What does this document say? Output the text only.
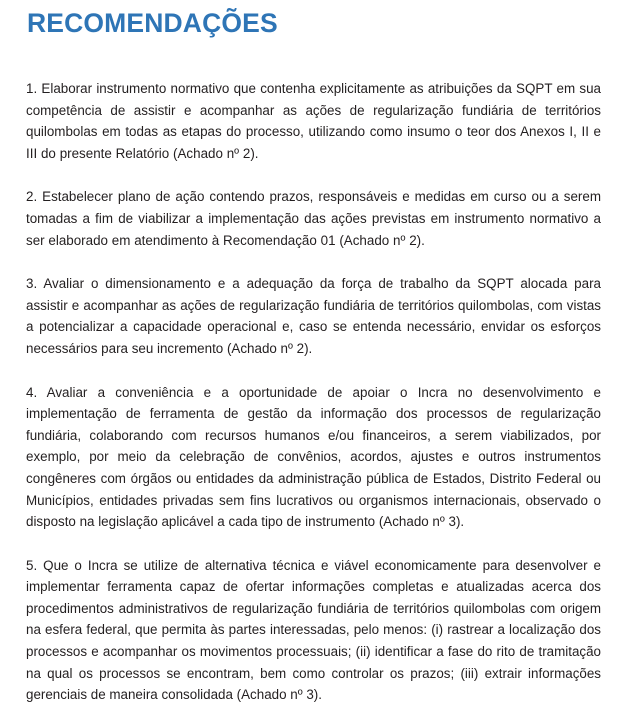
RECOMENDAÇÕES

1. Elaborar instrumento normativo que contenha explicitamente as atribuições da SQPT em sua competência de assistir e acompanhar as ações de regularização fundiária de territórios quilombolas em todas as etapas do processo, utilizando como insumo o teor dos Anexos I, II e III do presente Relatório (Achado nº 2).

2. Estabelecer plano de ação contendo prazos, responsáveis e medidas em curso ou a serem tomadas a fim de viabilizar a implementação das ações previstas em instrumento normativo a ser elaborado em atendimento à Recomendação 01 (Achado nº 2).

3. Avaliar o dimensionamento e a adequação da força de trabalho da SQPT alocada para assistir e acompanhar as ações de regularização fundiária de territórios quilombolas, com vistas a potencializar a capacidade operacional e, caso se entenda necessário, envidar os esforços necessários para seu incremento (Achado nº 2).

4. Avaliar a conveniência e a oportunidade de apoiar o Incra no desenvolvimento e implementação de ferramenta de gestão da informação dos processos de regularização fundiária, colaborando com recursos humanos e/ou financeiros, a serem viabilizados, por exemplo, por meio da celebração de convênios, acordos, ajustes e outros instrumentos congêneres com órgãos ou entidades da administração pública de Estados, Distrito Federal ou Municípios, entidades privadas sem fins lucrativos ou organismos internacionais, observado o disposto na legislação aplicável a cada tipo de instrumento (Achado nº 3).

5. Que o Incra se utilize de alternativa técnica e viável economicamente para desenvolver e implementar ferramenta capaz de ofertar informações completas e atualizadas acerca dos procedimentos administrativos de regularização fundiária de territórios quilombolas com origem na esfera federal, que permita às partes interessadas, pelo menos: (i) rastrear a localização dos processos e acompanhar os movimentos processuais; (ii) identificar a fase do rito de tramitação na qual os processos se encontram, bem como controlar os prazos; (iii) extrair informações gerenciais de maneira consolidada (Achado nº 3).
